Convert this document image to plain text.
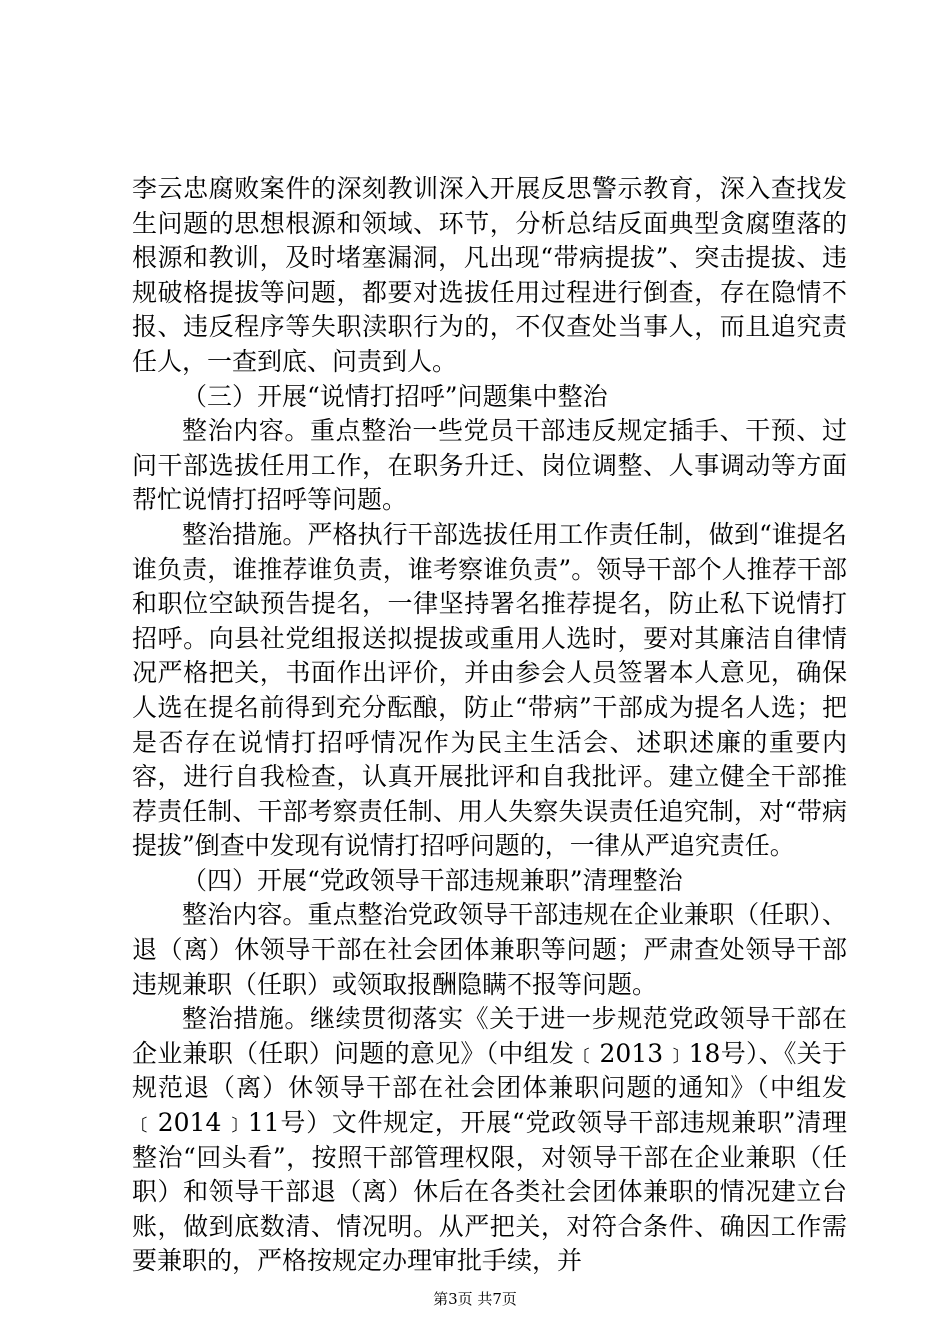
李云忠腐败案件的深刻教训深入开展反思警示教育，深入查找发生问题的思想根源和领域、环节，分析总结反面典型贪腐堕落的根源和教训，及时堵塞漏洞，凡出现“带病提拔”、突击提拔、违规破格提拔等问题，都要对选拔任用过程进行倒查，存在隐情不报、违反程序等失职渎职行为的，不仅查处当事人，而且追究责任人，一查到底、问责到人。

（三）开展“说情打招呼”问题集中整治

整治内容。重点整治一些党员干部违反规定插手、干预、过问干部选拔任用工作，在职务升迁、岗位调整、人事调动等方面帮忙说情打招呼等问题。

整治措施。严格执行干部选拔任用工作责任制，做到“谁提名谁负责，谁推荐谁负责，谁考察谁负责”。领导干部个人推荐干部和职位空缺预告提名，一律坚持署名推荐提名，防止私下说情打招呼。向县社党组报送拟提拔或重用人选时，要对其廉洁自律情况严格把关，书面作出评价，并由参会人员签署本人意见，确保人选在提名前得到充分酝酿，防止“带病”干部成为提名人选；把是否存在说情打招呼情况作为民主生活会、述职述廉的重要内容，进行自我检查，认真开展批评和自我批评。建立健全干部推荐责任制、干部考察责任制、用人失察失误责任追究制，对“带病提拔”倒查中发现有说情打招呼问题的，一律从严追究责任。

（四）开展“党政领导干部违规兼职”清理整治

整治内容。重点整治党政领导干部违规在企业兼职（任职）、退（离）休领导干部在社会团体兼职等问题；严肃查处领导干部违规兼职（任职）或领取报酬隐瞒不报等问题。

整治措施。继续贯彻落实《关于进一步规范党政领导干部在企业兼职（任职）问题的意见》（中组发﹝2013﹞18号）、《关于规范退（离）休领导干部在社会团体兼职问题的通知》（中组发﹝2014﹞11号）文件规定，开展“党政领导干部违规兼职”清理整治“回头看”，按照干部管理权限，对领导干部在企业兼职（任职）和领导干部退（离）休后在各类社会团体兼职的情况建立台账，做到底数清、情况明。从严把关，对符合条件、确因工作需要兼职的，严格按规定办理审批手续，并

第3页 共7页
